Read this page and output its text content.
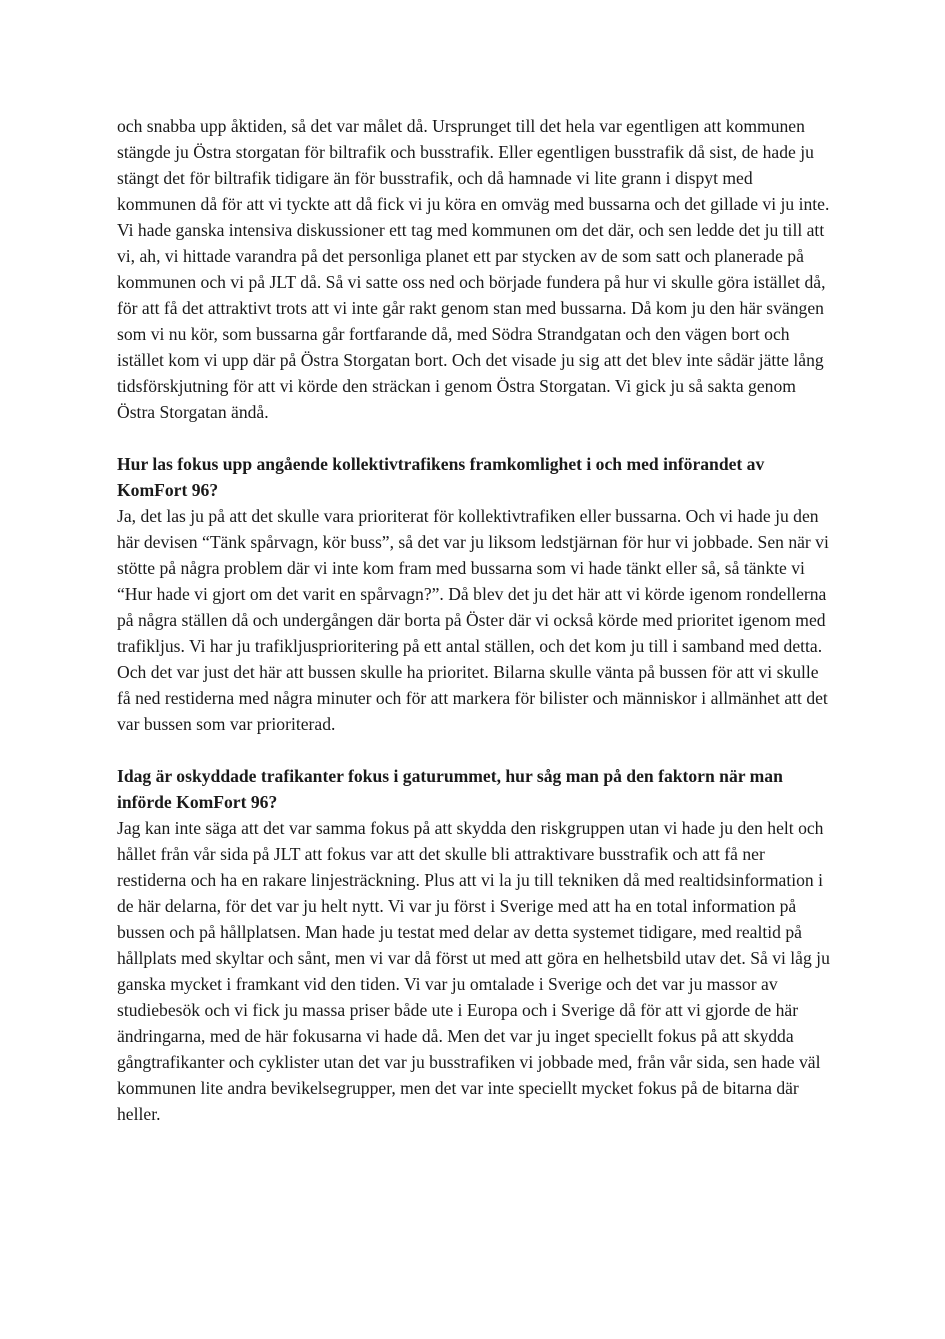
och snabba upp åktiden, så det var målet då. Ursprunget till det hela var egentligen att kommunen stängde ju Östra storgatan för biltrafik och busstrafik. Eller egentligen busstrafik då sist, de hade ju stängt det för biltrafik tidigare än för busstrafik, och då hamnade vi lite grann i dispyt med kommunen då för att vi tyckte att då fick vi ju köra en omväg med bussarna och det gillade vi ju inte. Vi hade ganska intensiva diskussioner ett tag med kommunen om det där, och sen ledde det ju till att vi, ah, vi hittade varandra på det personliga planet ett par stycken av de som satt och planerade på kommunen och vi på JLT då. Så vi satte oss ned och började fundera på hur vi skulle göra istället då, för att få det attraktivt trots att vi inte går rakt genom stan med bussarna. Då kom ju den här svängen som vi nu kör, som bussarna går fortfarande då, med Södra Strandgatan och den vägen bort och istället kom vi upp där på Östra Storgatan bort. Och det visade ju sig att det blev inte sådär jätte lång tidsförskjutning för att vi körde den sträckan i genom Östra Storgatan. Vi gick ju så sakta genom Östra Storgatan ändå.

Hur las fokus upp angående kollektivtrafikens framkomlighet i och med införandet av KomFort 96?

Ja, det las ju på att det skulle vara prioriterat för kollektivtrafiken eller bussarna. Och vi hade ju den här devisen “Tänk spårvagn, kör buss”, så det var ju liksom ledstjärnan för hur vi jobbade. Sen när vi stötte på några problem där vi inte kom fram med bussarna som vi hade tänkt eller så, så tänkte vi “Hur hade vi gjort om det varit en spårvagn?”. Då blev det ju det här att vi körde igenom rondellerna på några ställen då och undergången där borta på Öster där vi också körde med prioritet igenom med trafikljus. Vi har ju trafikljusprioritering på ett antal ställen, och det kom ju till i samband med detta. Och det var just det här att bussen skulle ha prioritet. Bilarna skulle vänta på bussen för att vi skulle få ned restiderna med några minuter och för att markera för bilister och människor i allmänhet att det var bussen som var prioriterad.

Idag är oskyddade trafikanter fokus i gaturummet, hur såg man på den faktorn när man införde KomFort 96?

Jag kan inte säga att det var samma fokus på att skydda den riskgruppen utan vi hade ju den helt och hållet från vår sida på JLT att fokus var att det skulle bli attraktivare busstrafik och att få ner restiderna och ha en rakare linjesträckning. Plus att vi la ju till tekniken då med realtidsinformation i de här delarna, för det var ju helt nytt. Vi var ju först i Sverige med att ha en total information på bussen och på hållplatsen. Man hade ju testat med delar av detta systemet tidigare, med realtid på hållplats med skyltar och sånt, men vi var då först ut med att göra en helhetsbild utav det. Så vi låg ju ganska mycket i framkant vid den tiden. Vi var ju omtalade i Sverige och det var ju massor av studiebesök och vi fick ju massa priser både ute i Europa och i Sverige då för att vi gjorde de här ändringarna, med de här fokusarna vi hade då. Men det var ju inget speciellt fokus på att skydda gångtrafikanter och cyklister utan det var ju busstrafiken vi jobbade med, från vår sida, sen hade väl kommunen lite andra bevikelsegrupper, men det var inte speciellt mycket fokus på de bitarna där heller.
